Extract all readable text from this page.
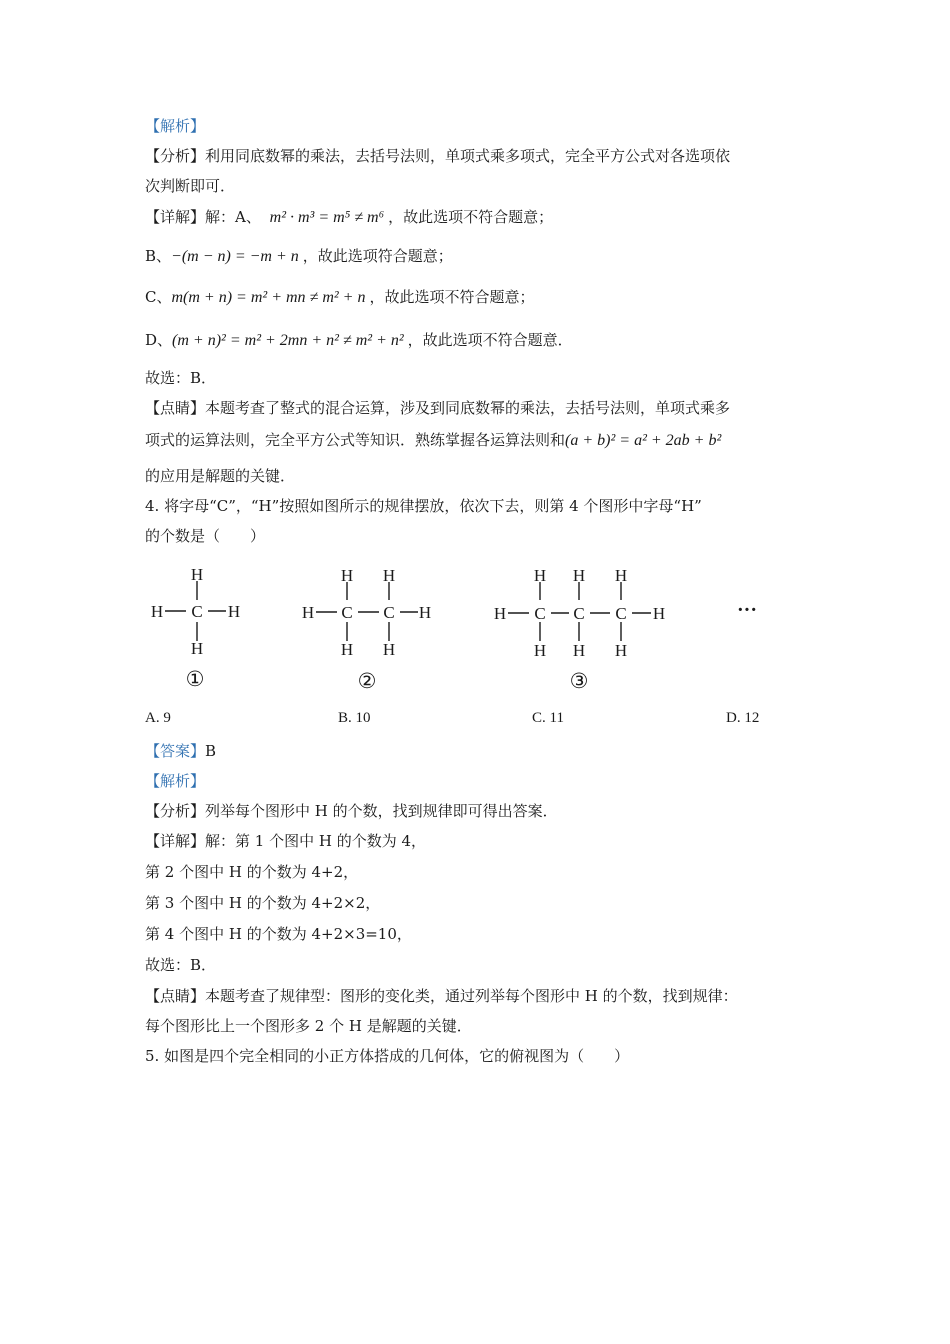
【解析】
【分析】利用同底数幂的乘法，去括号法则，单项式乘多项式，完全平方公式对各选项依
次判断即可．
【详解】解：A、 m² · m³ = m⁵ ≠ m⁶ ，故此选项不符合题意；
B、−(m − n) = −m + n ，故此选项符合题意；
C、m(m + n) = m² + mn ≠ m² + n ，故此选项不符合题意；
D、(m + n)² = m² + 2mn + n² ≠ m² + n² ，故此选项不符合题意．
故选：B．
【点睛】本题考查了整式的混合运算，涉及到同底数幂的乘法，去括号法则，单项式乘多
项式的运算法则，完全平方公式等知识．熟练掌握各运算法则和(a + b)² = a² + 2ab + b²
的应用是解题的关键．
4. 将字母“C”，“H”按照如图所示的规律摆放，依次下去，则第 4 个图形中字母“H”
的个数是（　　）
H
H C H
H
①
H H
H C C H
H H
②
H H H
H C C C H
H H H
③
···
A. 9	B. 10	C. 11	D. 12
【答案】B
【解析】
【分析】列举每个图形中 H 的个数，找到规律即可得出答案．
【详解】解：第 1 个图中 H 的个数为 4，
第 2 个图中 H 的个数为 4+2，
第 3 个图中 H 的个数为 4+2×2，
第 4 个图中 H 的个数为 4+2×3=10，
故选：B．
【点睛】本题考查了规律型：图形的变化类，通过列举每个图形中 H 的个数，找到规律：
每个图形比上一个图形多 2 个 H 是解题的关键．
5. 如图是四个完全相同的小正方体搭成的几何体，它的俯视图为（　　）
